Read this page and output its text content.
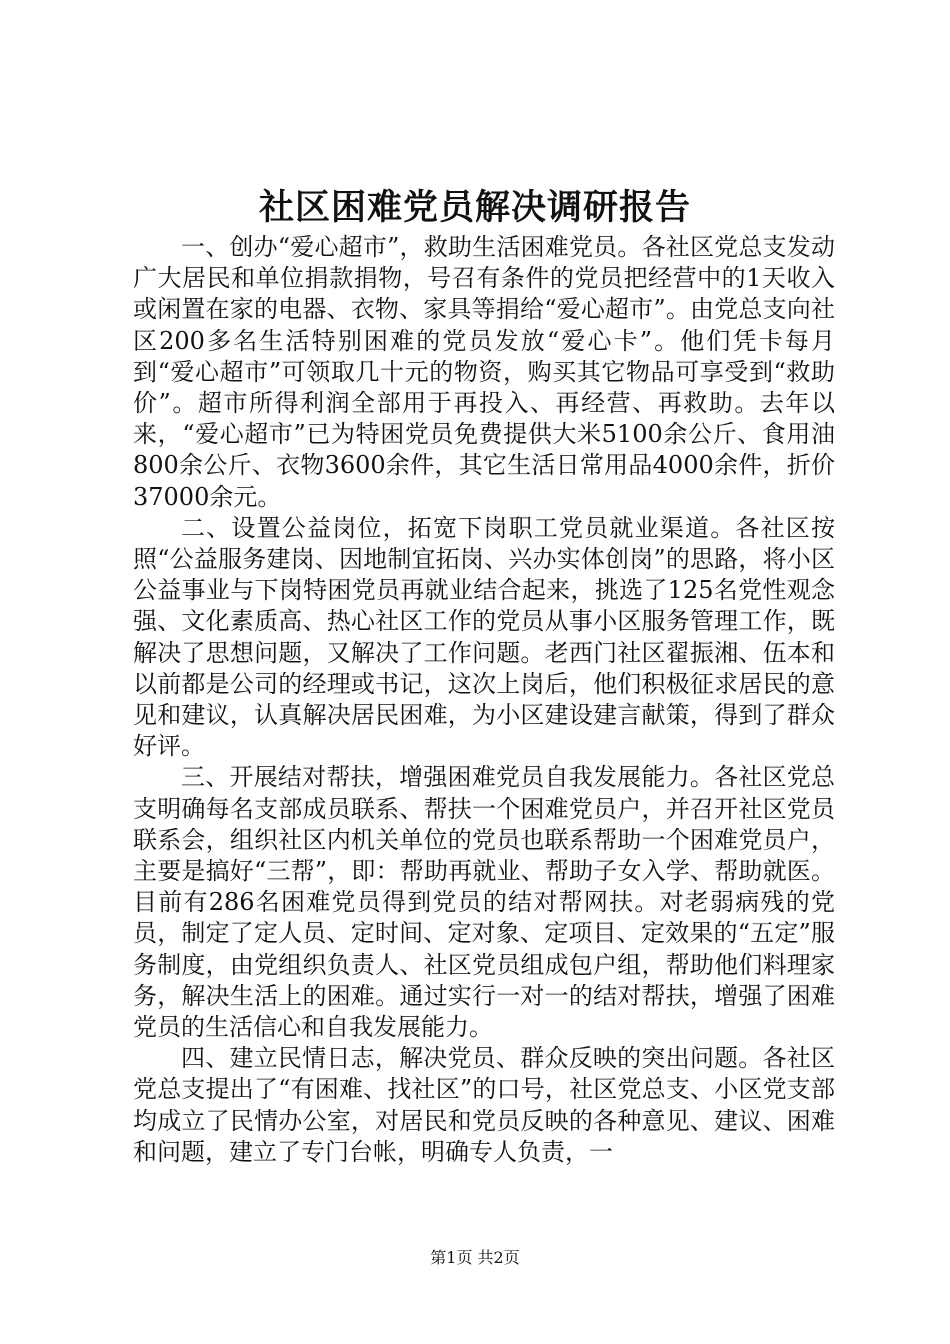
社区困难党员解决调研报告

一、创办“爱心超市”，救助生活困难党员。各社区党总支发动广大居民和单位捐款捐物，号召有条件的党员把经营中的1天收入或闲置在家的电器、衣物、家具等捐给“爱心超市”。由党总支向社区200多名生活特别困难的党员发放“爱心卡”。他们凭卡每月到“爱心超市”可领取几十元的物资，购买其它物品可享受到“救助价”。超市所得利润全部用于再投入、再经营、再救助。去年以来，“爱心超市”已为特困党员免费提供大米5100余公斤、食用油800余公斤、衣物3600余件，其它生活日常用品4000余件，折价37000余元。

二、设置公益岗位，拓宽下岗职工党员就业渠道。各社区按照“公益服务建岗、因地制宜拓岗、兴办实体创岗”的思路，将小区公益事业与下岗特困党员再就业结合起来，挑选了125名党性观念强、文化素质高、热心社区工作的党员从事小区服务管理工作，既解决了思想问题，又解决了工作问题。老西门社区翟振湘、伍本和以前都是公司的经理或书记，这次上岗后，他们积极征求居民的意见和建议，认真解决居民困难，为小区建设建言献策，得到了群众好评。

三、开展结对帮扶，增强困难党员自我发展能力。各社区党总支明确每名支部成员联系、帮扶一个困难党员户，并召开社区党员联系会，组织社区内机关单位的党员也联系帮助一个困难党员户，主要是搞好“三帮”，即：帮助再就业、帮助子女入学、帮助就医。目前有286名困难党员得到党员的结对帮网扶。对老弱病残的党员，制定了定人员、定时间、定对象、定项目、定效果的“五定”服务制度，由党组织负责人、社区党员组成包户组，帮助他们料理家务，解决生活上的困难。通过实行一对一的结对帮扶，增强了困难党员的生活信心和自我发展能力。

四、建立民情日志，解决党员、群众反映的突出问题。各社区党总支提出了“有困难、找社区”的口号，社区党总支、小区党支部均成立了民情办公室，对居民和党员反映的各种意见、建议、困难和问题，建立了专门台帐，明确专人负责，一

第1页 共2页
